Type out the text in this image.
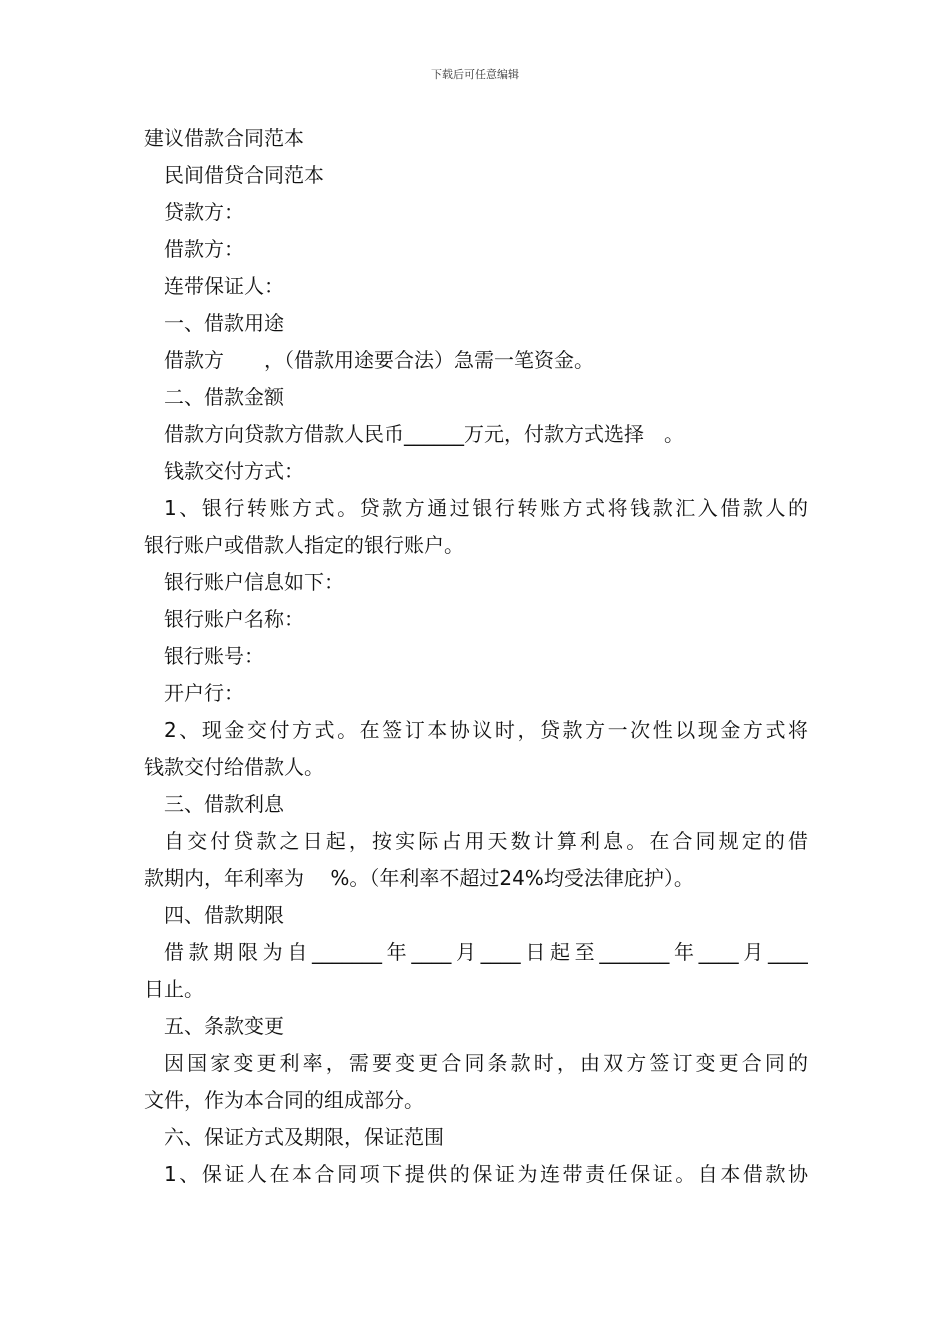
下载后可任意编辑
建议借款合同范本
民间借贷合同范本
贷款方：
借款方：
连带保证人：
一、借款用途
借款方　　，（借款用途要合法）急需一笔资金。
二、借款金额
借款方向贷款方借款人民币______万元，付款方式选择　。
钱款交付方式：
1、银行转账方式。贷款方通过银行转账方式将钱款汇入借款人的
银行账户或借款人指定的银行账户。
银行账户信息如下：
银行账户名称：
银行账号：
开户行：
2、现金交付方式。在签订本协议时，贷款方一次性以现金方式将
钱款交付给借款人。
三、借款利息
自交付贷款之日起，按实际占用天数计算利息。在合同规定的借
款期内，年利率为　 %。（年利率不超过24%均受法律庇护）。
四、借款期限
借款期限为自_______年____月____日起至_______年____月____
日止。
五、条款变更
因国家变更利率，需要变更合同条款时，由双方签订变更合同的
文件，作为本合同的组成部分。
六、保证方式及期限，保证范围
1、保证人在本合同项下提供的保证为连带责任保证。自本借款协
